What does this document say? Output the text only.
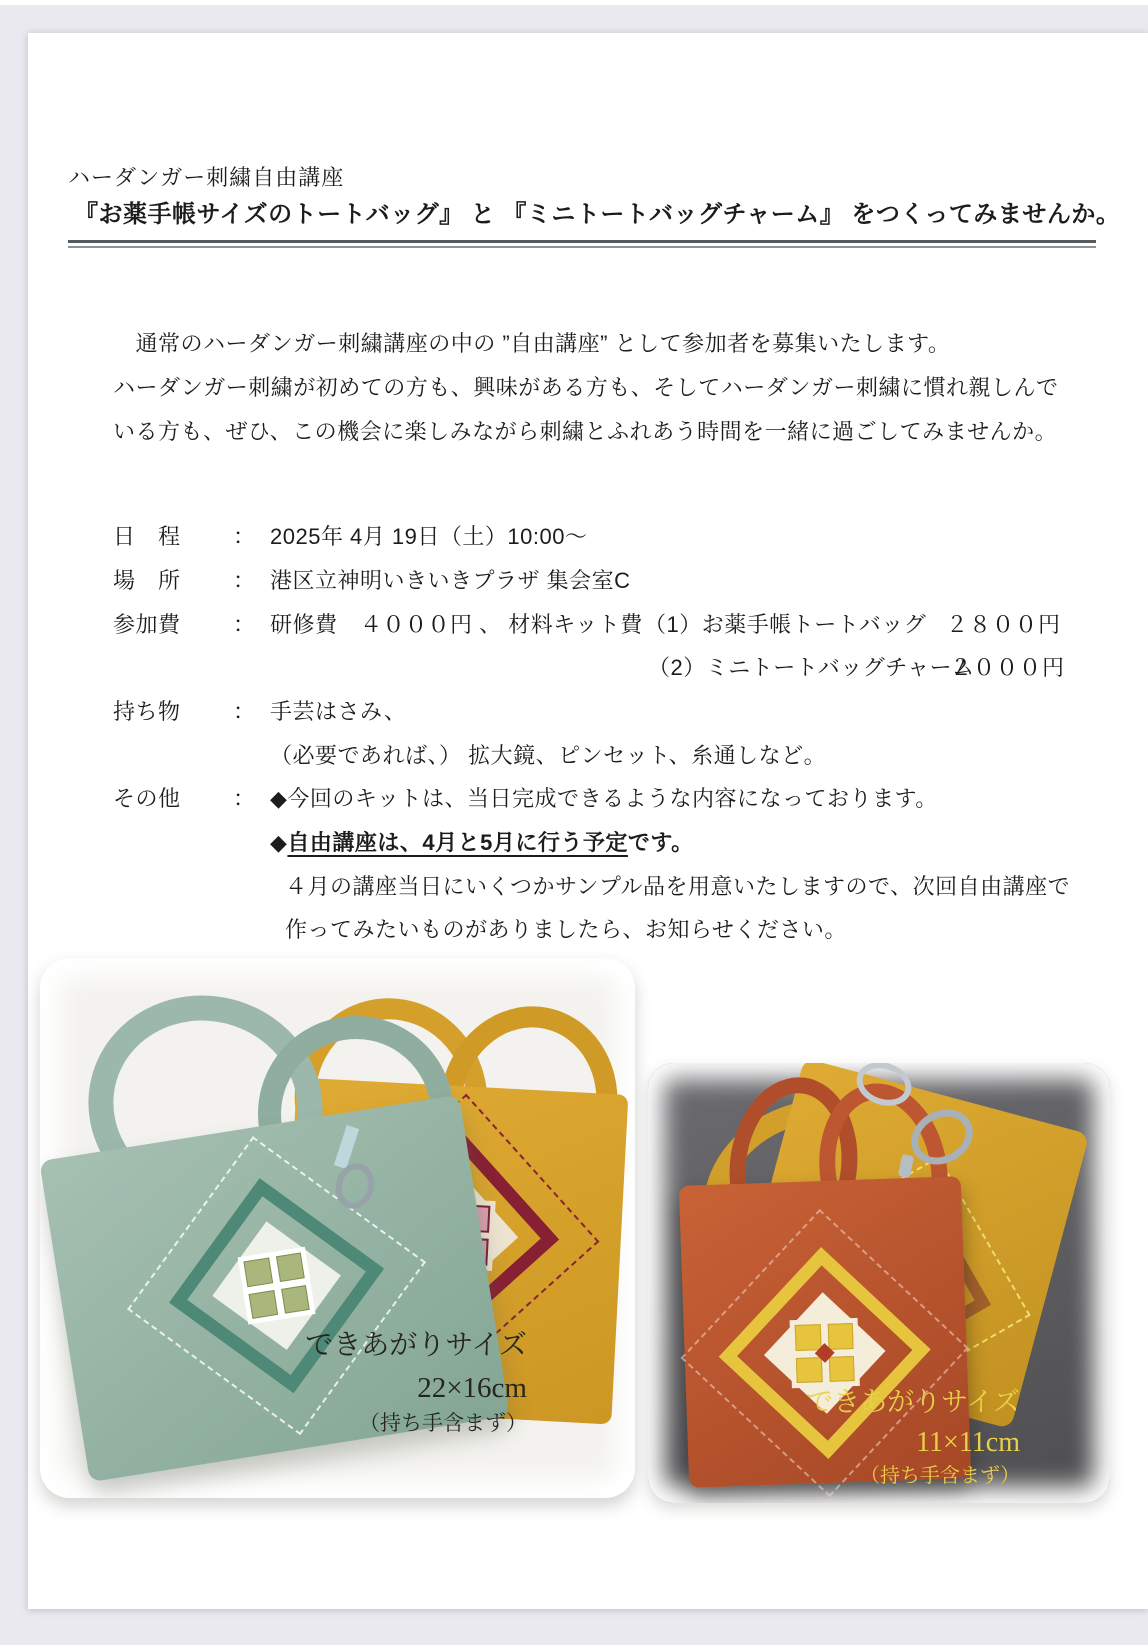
ハーダンガー刺繍自由講座
『お薬手帳サイズのトートバッグ』 と 『ミニトートバッグチャーム』 をつくってみませんか。
　通常のハーダンガー刺繍講座の中の ”自由講座” として参加者を募集いたします。
ハーダンガー刺繍が初めての方も、興味がある方も、そしてハーダンガー刺繍に慣れ親しんで
いる方も、ぜひ、この機会に楽しみながら刺繍とふれあう時間を一緒に過ごしてみませんか。
日　程 ： 2025年 4月 19日（土）10:00～
場　所 ： 港区立神明いきいきプラザ 集会室C
参加費 ： 研修費　４０００円 、 材料キット費 （1）お薬手帳トートバッグ ２８００円
（2）ミニトートバッグチャーム
２０００円
持ち物 ： 手芸はさみ、
（必要であれば、） 拡大鏡、ピンセット、糸通しなど。
その他 ： ◆今回のキットは、当日完成できるような内容になっております。
◆自由講座は、4月と5月に行う予定です。
４月の講座当日にいくつかサンプル品を用意いたしますので、次回自由講座で
作ってみたいものがありましたら、お知らせください。
できあがりサイズ
22×16cm
（持ち手含まず）
できあがりサイズ
11×11cm
（持ち手含まず）
